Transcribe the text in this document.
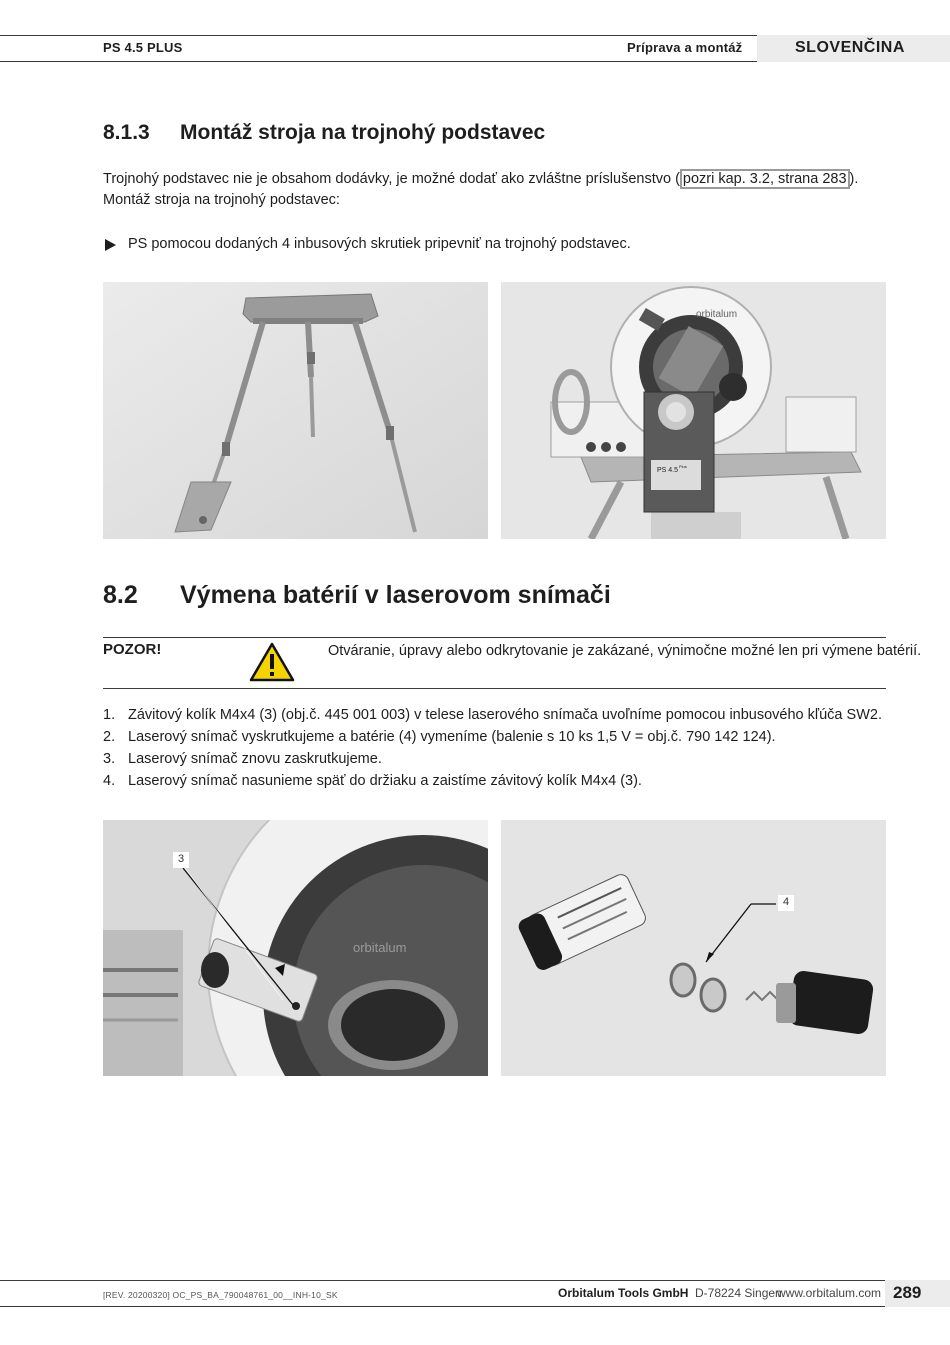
PS 4.5 PLUS	Príprava a montáž	SLOVENČINA
8.1.3 Montáž stroja na trojnohý podstavec
Trojnohý podstavec nie je obsahom dodávky, je možné dodať ako zvláštne príslušenstvo ( pozri kap. 3.2, strana 283 ).
Montáž stroja na trojnohý podstavec:
PS pomocou dodaných 4 inbusových skrutiek pripevniť na trojnohý podstavec.
orbitalum
PS 4.5
Plus
8.2 Výmena batérií v laserovom snímači
POZOR!	Otváranie, úpravy alebo odkrytovanie je zakázané, výnimočne možné len pri výmene batérií.
1. Závitový kolík M4x4 (3) (obj.č. 445 001 003) v telese laserového snímača uvoľníme pomocou inbusového kľúča SW2.
2. Laserový snímač vyskrutkujeme a batérie (4) vymeníme (balenie s 10 ks 1,5 V = obj.č. 790 142 124).
3. Laserový snímač znovu zaskrutkujeme.
4. Laserový snímač nasunieme späť do držiaku a zaistíme závitový kolík M4x4 (3).
orbitalum
3
4
[REV. 20200320] OC_PS_BA_790048761_00__INH-10_SK	Orbitalum Tools GmbH D-78224 Singen
www.orbitalum.com 289
